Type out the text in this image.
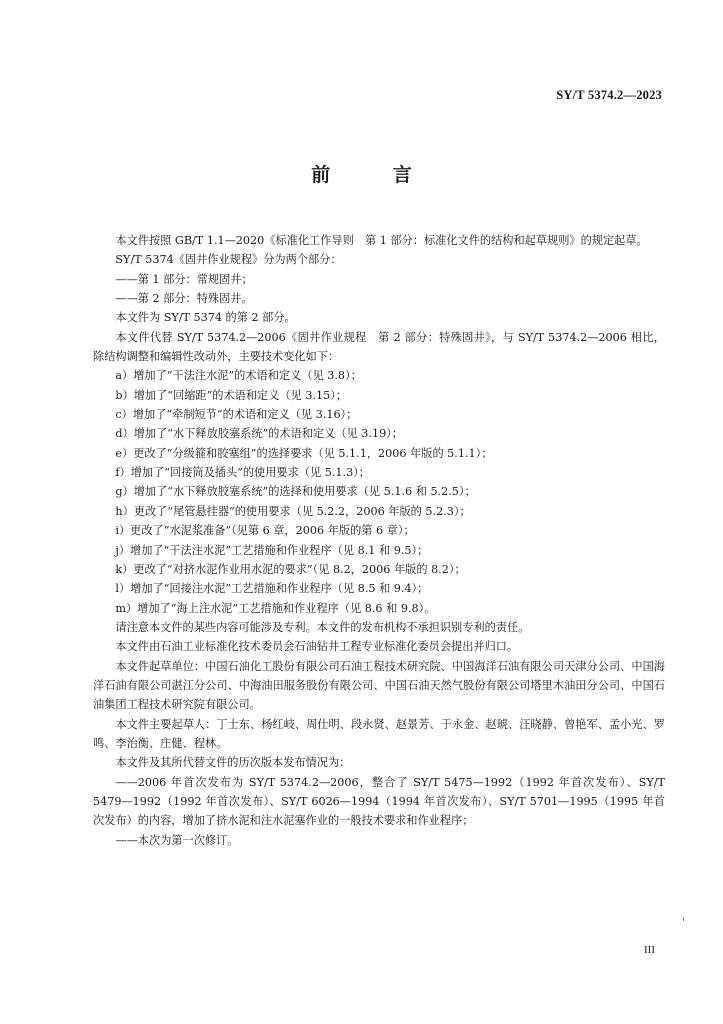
SY/T 5374.2—2023
前 言

本文件按照 GB/T 1.1—2020《标准化工作导则　第 1 部分：标准化文件的结构和起草规则》的规定起草。

SY/T 5374《固井作业规程》分为两个部分：

——第 1 部分：常规固井；

——第 2 部分：特殊固井。

本文件为 SY/T 5374 的第 2 部分。

本文件代替 SY/T 5374.2—2006《固井作业规程　第 2 部分：特殊固井》，与 SY/T 5374.2—2006 相比，除结构调整和编辑性改动外，主要技术变化如下：

a）增加了“干法注水泥”的术语和定义（见 3.8）；

b）增加了“回缩距”的术语和定义（见 3.15）；

c）增加了“牵制短节”的术语和定义（见 3.16）；

d）增加了“水下释放胶塞系统”的术语和定义（见 3.19）；

e）更改了“分级箍和胶塞组”的选择要求（见 5.1.1，2006 年版的 5.1.1）；

f）增加了“回接筒及插头”的使用要求（见 5.1.3）；

g）增加了“水下释放胶塞系统”的选择和使用要求（见 5.1.6 和 5.2.5）；

h）更改了“尾管悬挂器”的使用要求（见 5.2.2，2006 年版的 5.2.3）；

i）更改了“水泥浆准备”（见第 6 章，2006 年版的第 6 章）；

j）增加了“干法注水泥”工艺措施和作业程序（见 8.1 和 9.5）；

k）更改了“对挤水泥作业用水泥的要求”（见 8.2，2006 年版的 8.2）；

l）增加了“回接注水泥”工艺措施和作业程序（见 8.5 和 9.4）；

m）增加了“海上注水泥”工艺措施和作业程序（见 8.6 和 9.8）。

请注意本文件的某些内容可能涉及专利。本文件的发布机构不承担识别专利的责任。

本文件由石油工业标准化技术委员会石油钻井工程专业标准化委员会提出并归口。

本文件起草单位：中国石油化工股份有限公司石油工程技术研究院、中国海洋石油有限公司天津分公司、中国海洋石油有限公司湛江分公司、中海油田服务股份有限公司、中国石油天然气股份有限公司塔里木油田分公司、中国石油集团工程技术研究院有限公司。

本文件主要起草人：丁士东、杨红岐、周仕明、段永贤、赵景芳、于永金、赵琥、汪晓静、曾艳军、孟小光、罗鸣、李治衡、庄健、程林。

本文件及其所代替文件的历次版本发布情况为：

——2006 年首次发布为 SY/T 5374.2—2006，整合了 SY/T 5475—1992（1992 年首次发布）、SY/T 5479—1992（1992 年首次发布）、SY/T 6026—1994（1994 年首次发布）、SY/T 5701—1995（1995 年首次发布）的内容，增加了挤水泥和注水泥塞作业的一般技术要求和作业程序；

——本次为第一次修订。

III
